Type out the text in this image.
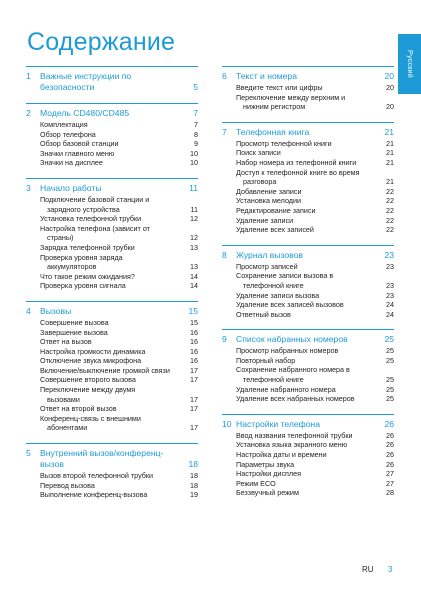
Содержание
Русский
1	Важные инструкции по
безопасности	5
2	Модель CD480/CD485	7
Комплектация	7
Обзор телефона	8
Обзор базовой станции	9
Значки главного меню	10
Значки на дисплее	10
3	Начало работы	11
Подключение базовой станции и
зарядного устройства	11
Установка телефонной трубки	12
Настройка телефона (зависит от
страны)	12
Зарядка телефонной трубки	13
Проверка уровня заряда
аккумуляторов	13
Что такое режим ожидания?	14
Проверка уровня сигнала	14
4	Вызовы	15
Совершение вызова	15
Завершение вызова	16
Ответ на вызов	16
Настройка громкости динамика	16
Отключение звука микрофона	16
Включение/выключение громкой связи	17
Совершение второго вызова	17
Переключение между двумя
вызовами	17
Ответ на второй вызов	17
Конференц-связь с внешними
абонентами	17
5	Внутренний вызов/конференц-
вызов	18
Вызов второй телефонной трубки	18
Перевод вызова	18
Выполнение конференц-вызова	19
6	Текст и номера	20
Введите текст или цифры	20
Переключение между верхним и
нижним регистром	20
7	Телефонная книга	21
Просмотр телефонной книги	21
Поиск записи	21
Набор номера из телефонной книги	21
Доступ к телефонной книге во время
разговора	21
Добавление записи	22
Установка мелодии	22
Редактирование записи	22
Удаление записи	22
Удаление всех записей	22
8	Журнал вызовов	23
Просмотр записей	23
Сохранение записи вызова в
телефонной книге	23
Удаление записи вызова	23
Удаление всех записей вызовов	24
Ответный вызов	24
9	Список набранных номеров	25
Просмотр набранных номеров	25
Повторный набор	25
Сохранение набранного номера в
телефонной книге	25
Удаление набранного номера	25
Удаление всех набранных номеров	25
10 Настройки телефона	26
Ввод названия телефонной трубки	26
Установка языка экранного меню	26
Настройка даты и времени	26
Параметры звука	26
Настройки дисплея	27
Режим ECO	27
Беззвучный режим	28
RU 3
